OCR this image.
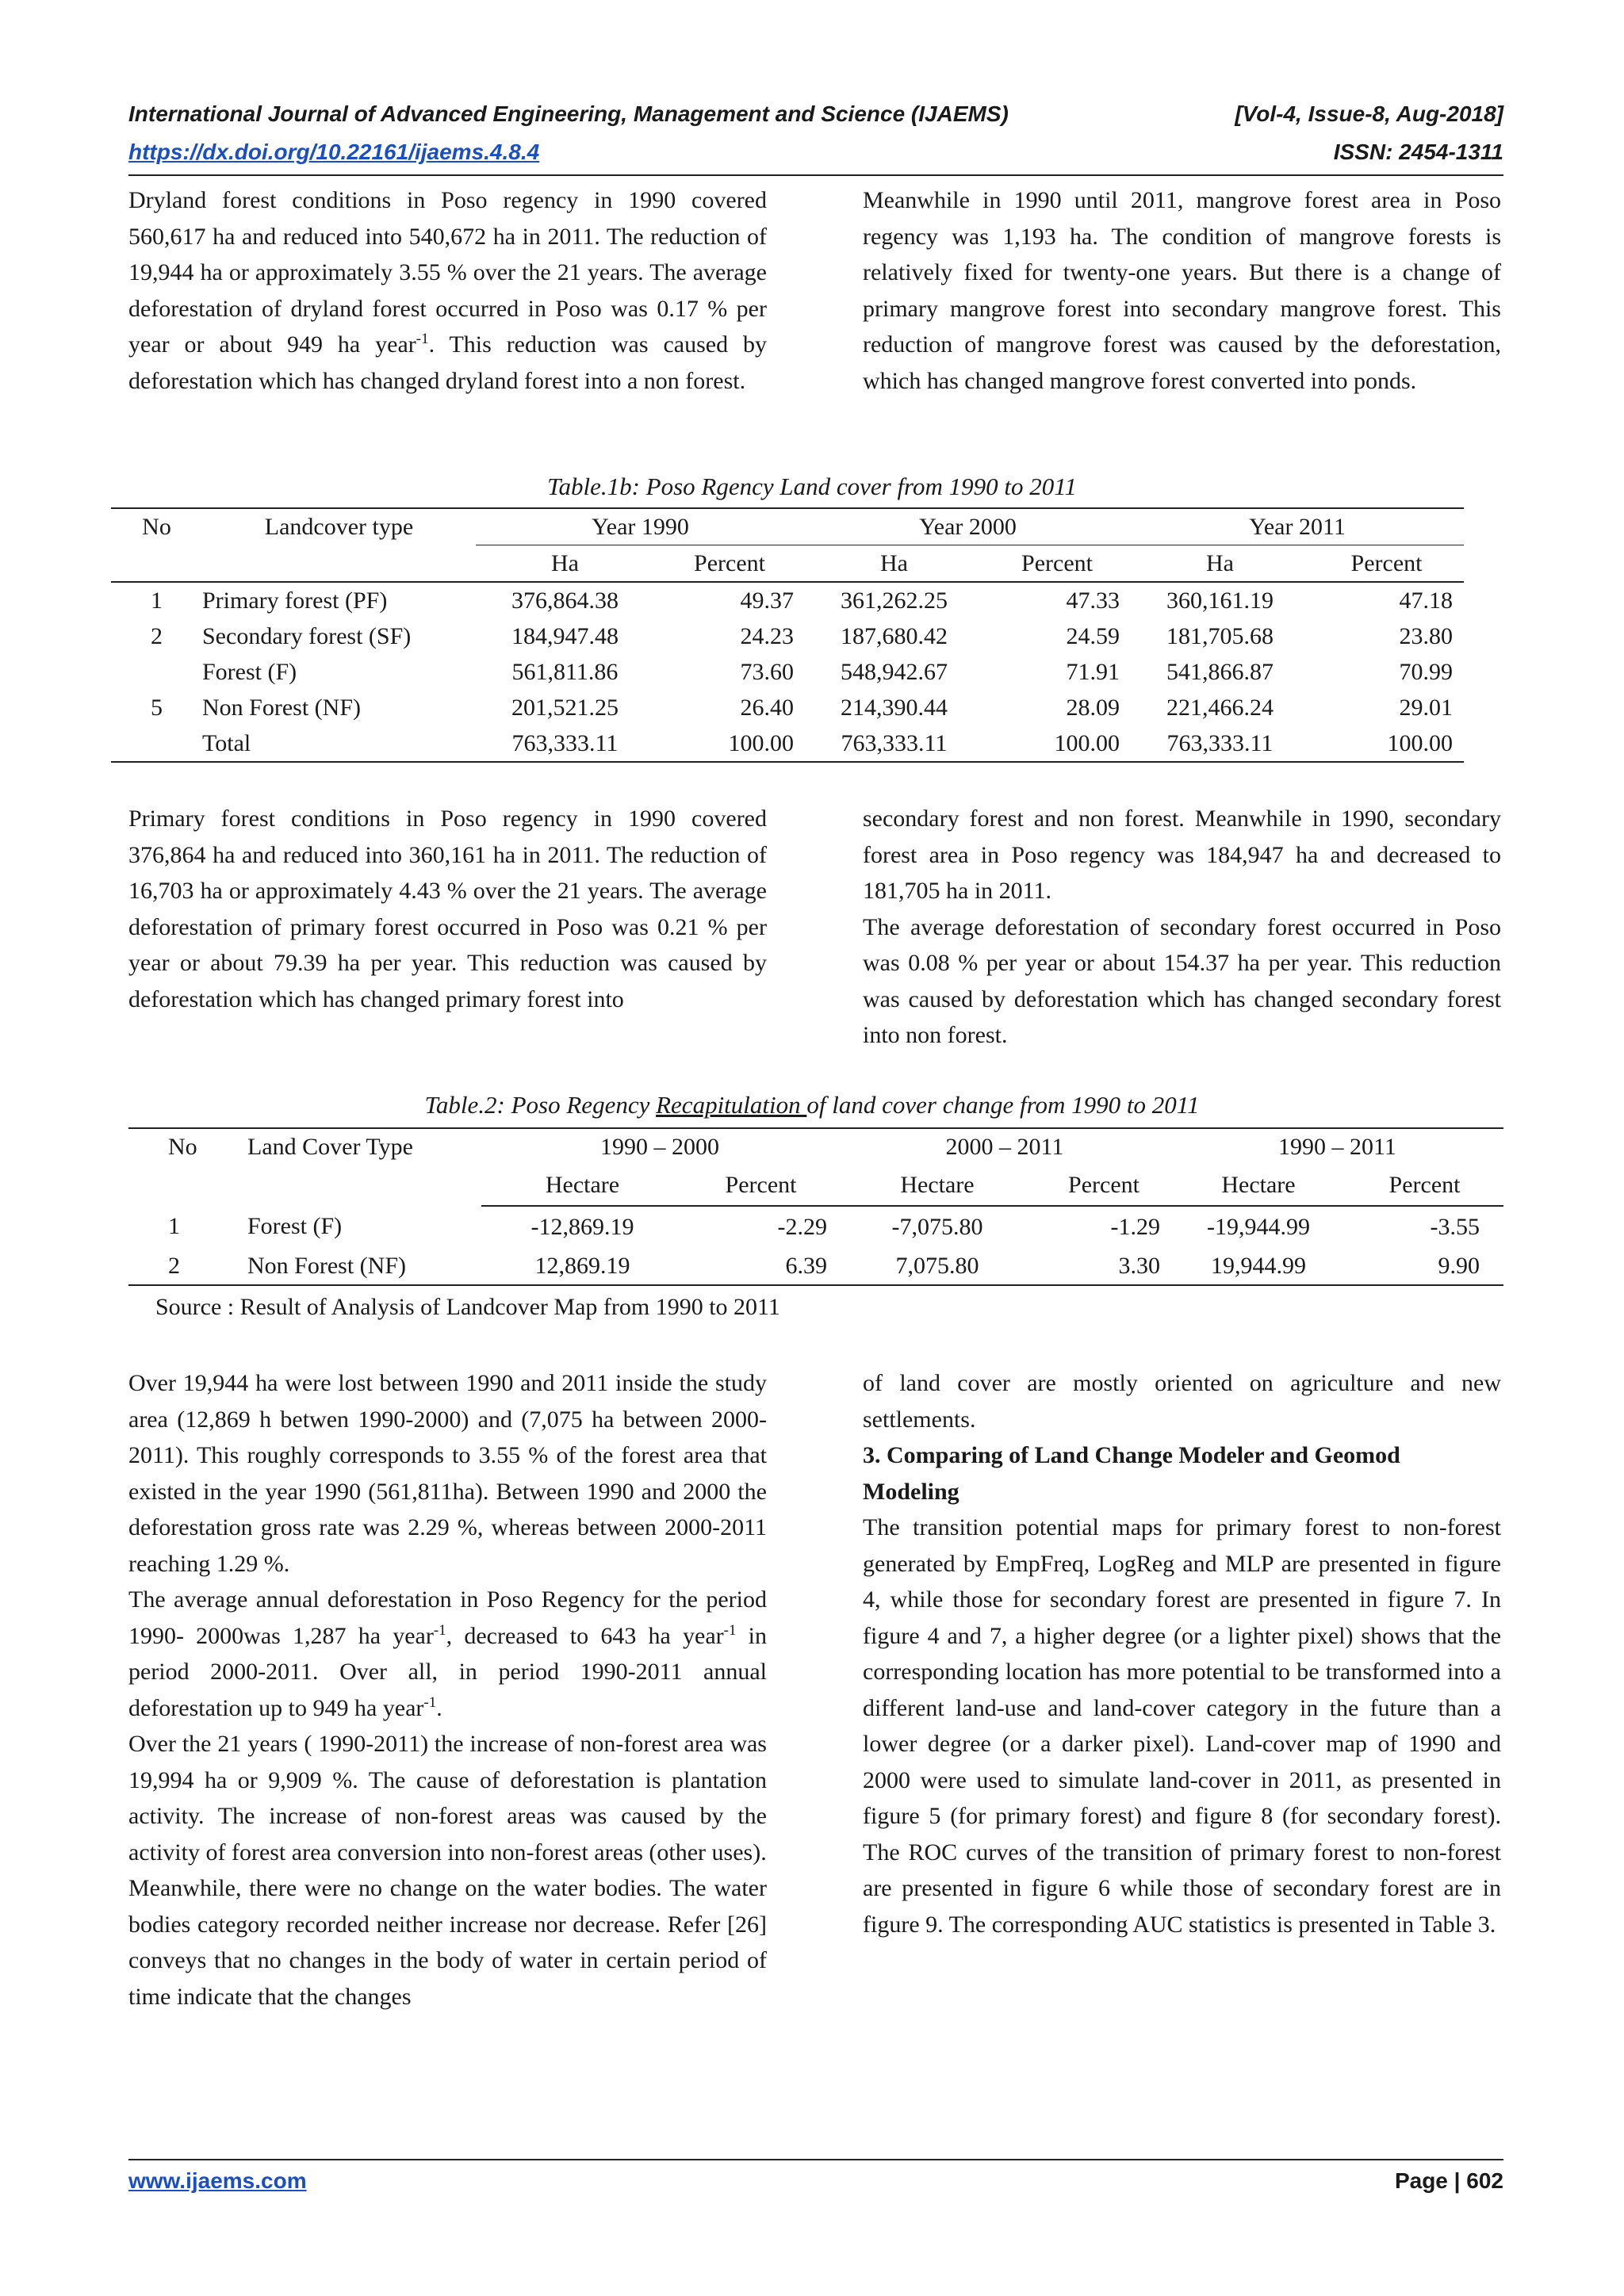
International Journal of Advanced Engineering, Management and Science (IJAEMS)	[Vol-4, Issue-8, Aug-2018]
https://dx.doi.org/10.22161/ijaems.4.8.4	ISSN: 2454-1311

Dryland forest conditions in Poso regency in 1990 covered 560,617 ha and reduced into 540,672 ha in 2011. The reduction of 19,944 ha or approximately 3.55 % over the 21 years. The average deforestation of dryland forest occurred in Poso was 0.17 % per year or about 949 ha year$^{-1}$. This reduction was caused by deforestation which has changed dryland forest into a non forest.

Meanwhile in 1990 until 2011, mangrove forest area in Poso regency was 1,193 ha. The condition of mangrove forests is relatively fixed for twenty-one years. But there is a change of primary mangrove forest into secondary mangrove forest. This reduction of mangrove forest was caused by the deforestation, which has changed mangrove forest converted into ponds.

Table.1b: Poso Rgency Land cover from 1990 to 2011
No	Landcover type	Year 1990		Year 2000		Year 2011	
		Ha	Percent	Ha	Percent	Ha	Percent
1	Primary forest (PF)	376,864.38	49.37	361,262.25	47.33	360,161.19	47.18
2	Secondary forest (SF)	184,947.48	24.23	187,680.42	24.59	181,705.68	23.80
	Forest (F)	561,811.86	73.60	548,942.67	71.91	541,866.87	70.99
5	Non Forest (NF)	201,521.25	26.40	214,390.44	28.09	221,466.24	29.01
	Total	763,333.11	100.00	763,333.11	100.00	763,333.11	100.00

Primary forest conditions in Poso regency in 1990 covered 376,864 ha and reduced into 360,161 ha in 2011. The reduction of 16,703 ha or approximately 4.43 % over the 21 years. The average deforestation of primary forest occurred in Poso was 0.21 % per year or about 79.39 ha per year. This reduction was caused by deforestation which has changed primary forest into

secondary forest and non forest. Meanwhile in 1990, secondary forest area in Poso regency was 184,947 ha and decreased to 181,705 ha in 2011.

The average deforestation of secondary forest occurred in Poso was 0.08 % per year or about 154.37 ha per year. This reduction was caused by deforestation which has changed secondary forest into non forest.

Table.2: Poso Regency Recapitulation of land cover change from 1990 to 2011
No	Land Cover Type	1990 – 2000		2000 – 2011		1990 – 2011	
		Hectare	Percent	Hectare	Percent	Hectare	Percent
1	Forest (F)	-12,869.19	-2.29	-7,075.80	-1.29	-19,944.99	-3.55
2	Non Forest (NF)	12,869.19	6.39	7,075.80	3.30	19,944.99	9.90
Source : Result of Analysis of Landcover Map from 1990 to 2011

Over 19,944 ha were lost between 1990 and 2011 inside the study area (12,869 h betwen 1990-2000) and (7,075 ha between 2000-2011). This roughly corresponds to 3.55 % of the forest area that existed in the year 1990 (561,811ha). Between 1990 and 2000 the deforestation gross rate was 2.29 %, whereas between 2000-2011 reaching 1.29 %.

The average annual deforestation in Poso Regency for the period 1990- 2000was 1,287 ha year$^{-1}$, decreased to 643 ha year$^{-1}$ in period 2000-2011. Over all, in period 1990-2011 annual deforestation up to 949 ha year$^{-1}$.

Over the 21 years ( 1990-2011) the increase of non-forest area was 19,994 ha or 9,909 %. The cause of deforestation is plantation activity. The increase of non-forest areas was caused by the activity of forest area conversion into non-forest areas (other uses).

Meanwhile, there were no change on the water bodies. The water bodies category recorded neither increase nor decrease. Refer [26] conveys that no changes in the body of water in certain period of time indicate that the changes

of land cover are mostly oriented on agriculture and new settlements.

3. Comparing of Land Change Modeler and Geomod Modeling

The transition potential maps for primary forest to non-forest generated by EmpFreq, LogReg and MLP are presented in figure 4, while those for secondary forest are presented in figure 7. In figure 4 and 7, a higher degree (or a lighter pixel) shows that the corresponding location has more potential to be transformed into a different land-use and land-cover category in the future than a lower degree (or a darker pixel). Land-cover map of 1990 and 2000 were used to simulate land-cover in 2011, as presented in figure 5 (for primary forest) and figure 8 (for secondary forest). The ROC curves of the transition of primary forest to non-forest are presented in figure 6 while those of secondary forest are in figure 9. The corresponding AUC statistics is presented in Table 3.

www.ijaems.com	Page | 602
